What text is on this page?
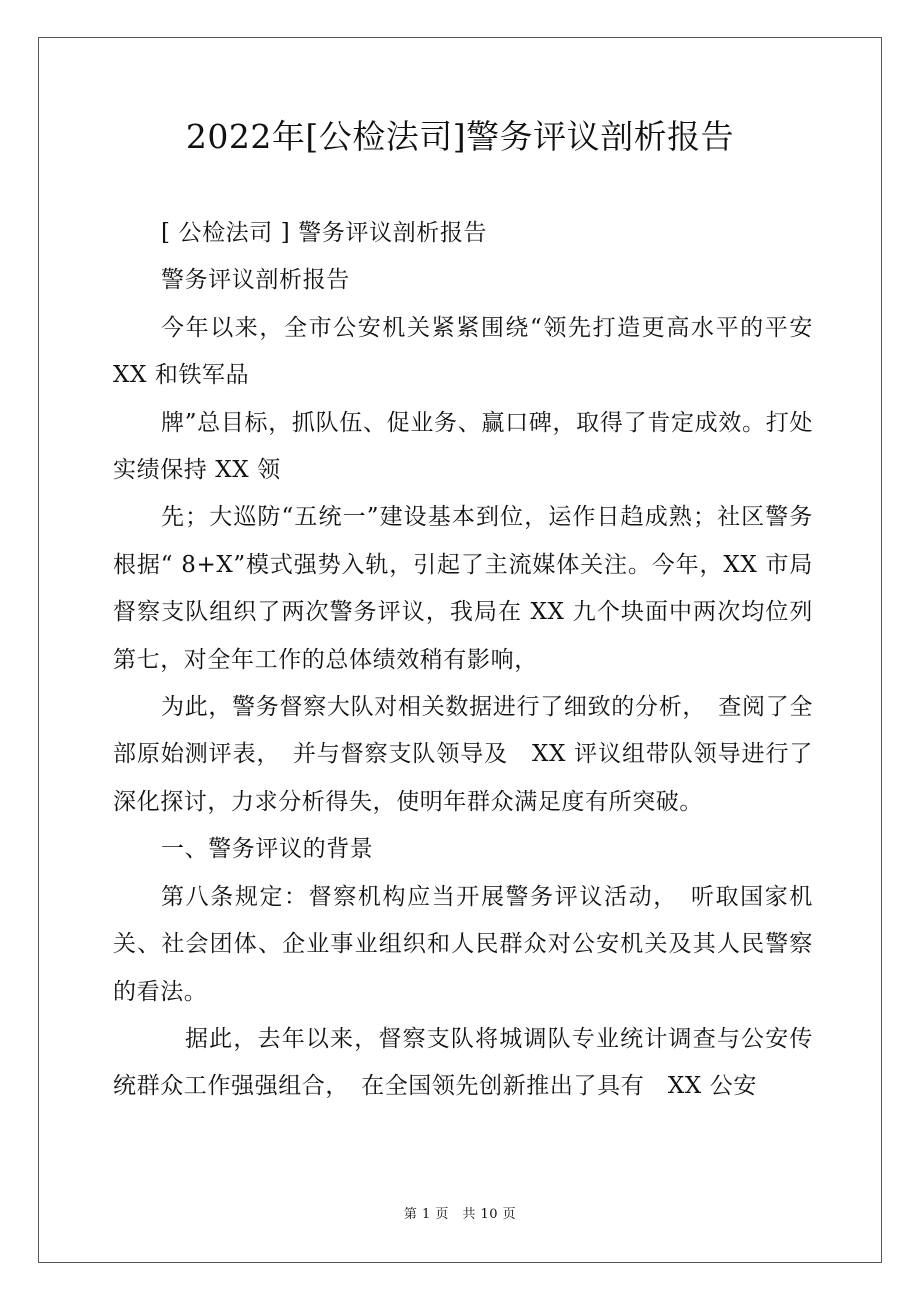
2022年[公检法司]警务评议剖析报告

[ 公检法司 ] 警务评议剖析报告

警务评议剖析报告

今年以来，全市公安机关紧紧围绕“领先打造更高水平的平安 XX 和铁军品

牌”总目标，抓队伍、促业务、赢口碑，取得了肯定成效。打处实绩保持 XX 领

先；大巡防“五统一”建设基本到位，运作日趋成熟；社区警务根据“ 8+X”模式强势入轨，引起了主流媒体关注。今年，XX 市局督察支队组织了两次警务评议，我局在 XX 九个块面中两次均位列第七，对全年工作的总体绩效稍有影响，

为此，警务督察大队对相关数据进行了细致的分析，　查阅了全部原始测评表，　并与督察支队领导及　XX 评议组带队领导进行了深化探讨，力求分析得失，使明年群众满足度有所突破。

一、警务评议的背景

第八条规定：督察机构应当开展警务评议活动，　听取国家机关、社会团体、企业事业组织和人民群众对公安机关及其人民警察的看法。

据此，去年以来，督察支队将城调队专业统计调查与公安传统群众工作强强组合，　在全国领先创新推出了具有　XX 公安

第 1 页　共 10 页
